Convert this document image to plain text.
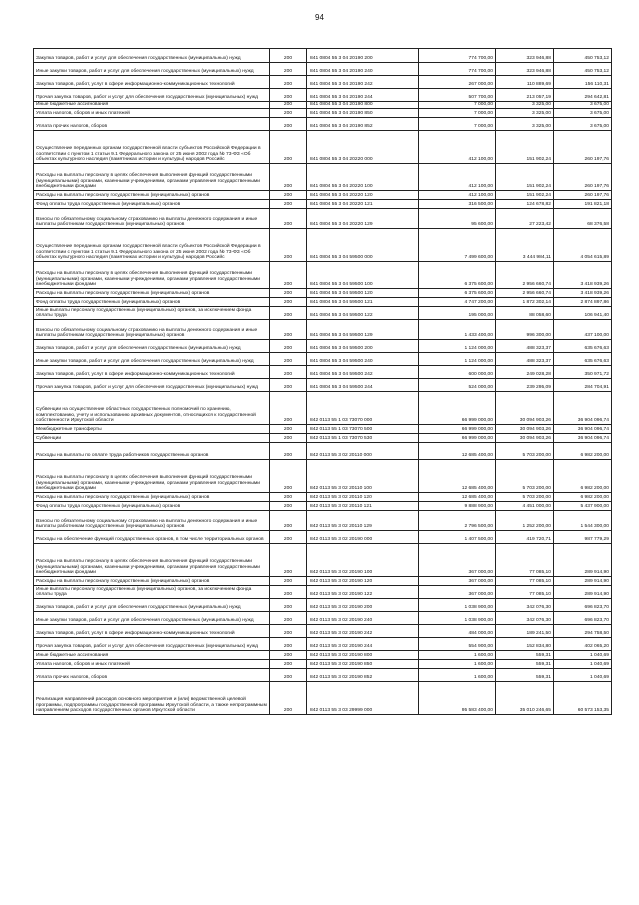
94
Закупка товаров, работ и услуг для обеспечения государственных (муниципальных) нужд	200	841 0804 55 3 04 20190 200	774 700,00	323 946,88	450 753,12
Иные закупки товаров, работ и услуг для обеспечения государственных (муниципальных) нужд	200	841 0804 55 3 04 20190 240	774 700,00	323 946,88	450 753,12
Закупка товаров, работ, услуг в сфере информационно-коммуникационных технологий	200	841 0804 55 3 04 20190 242	267 000,00	110 889,69	156 110,31
Прочая закупка товаров, работ и услуг для обеспечения государственных (муниципальных) нужд	200	841 0804 55 3 04 20190 244	507 700,00	213 057,19	294 642,81
Иные бюджетные ассигнования	200	841 0804 55 3 04 20190 800	7 000,00	3 325,00	3 675,00
Уплата налогов, сборов и иных платежей	200	841 0804 55 3 04 20190 850	7 000,00	3 325,00	3 675,00
Уплата прочих налогов, сборов	200	841 0804 55 3 04 20190 852	7 000,00	3 325,00	3 675,00
Осуществление переданных органам государственной власти субъектов Российской Федерации в соответствии с пунктом 1 статьи 9.1 Федерального закона от 25 июня 2002 года № 73-ФЗ «Об объектах культурного наследия (памятниках истории и культуры) народов Российс	200	841 0804 55 3 04 20220 000	412 100,00	151 902,24	260 197,76
Расходы на выплаты персоналу в целях обеспечения выполнения функций государственными (муниципальными) органами, казенными учреждениями, органами управления государственными внебюджетными фондами	200	841 0804 55 3 04 20220 100	412 100,00	151 902,24	260 197,76
Расходы на выплаты персоналу государственных (муниципальных) органов	200	841 0804 55 3 04 20220 120	412 100,00	151 902,24	260 197,76
Фонд оплаты труда государственных (муниципальных) органов	200	841 0804 55 3 04 20220 121	316 500,00	124 678,82	191 821,18
Взносы по обязательному социальному страхованию на выплаты денежного содержания и иные выплаты работникам государственных (муниципальных) органов	200	841 0804 55 3 04 20220 129	95 600,00	27 223,42	68 376,58
Осуществление переданных органам государственной власти субъектов Российской Федерации в соответствии с пунктом 1 статьи 9.1 Федерального закона от 25 июня 2002 года № 73-ФЗ «Об объектах культурного наследия (памятниках истории и культуры) народов Российс	200	841 0804 55 3 04 59500 000	7 499 600,00	3 444 984,11	4 054 615,89
Расходы на выплаты персоналу в целях обеспечения выполнения функций государственными (муниципальными) органами, казенными учреждениями, органами управления государственными внебюджетными фондами	200	841 0804 55 3 04 59500 100	6 375 600,00	2 956 660,74	3 418 939,26
Расходы на выплаты персоналу государственных (муниципальных) органов	200	841 0804 55 3 04 59500 120	6 375 600,00	2 956 660,74	3 418 939,26
Фонд оплаты труда государственных (муниципальных) органов	200	841 0804 55 3 04 59500 121	4 747 200,00	1 872 302,14	2 874 897,86
Иные выплаты персоналу государственных (муниципальных) органов, за исключением фонда оплаты труда	200	841 0804 55 3 04 59500 122	195 000,00	88 058,60	106 941,40
Взносы по обязательному социальному страхованию на выплаты денежного содержания и иные выплаты работникам государственных (муниципальных) органов	200	841 0804 55 3 04 59500 129	1 433 400,00	996 300,00	437 100,00
Закупка товаров, работ и услуг для обеспечения государственных (муниципальных) нужд	200	841 0804 55 3 04 59500 200	1 124 000,00	488 323,37	635 676,63
Иные закупки товаров, работ и услуг для обеспечения государственных (муниципальных) нужд	200	841 0804 55 3 04 59500 240	1 124 000,00	488 323,37	635 676,63
Закупка товаров, работ, услуг в сфере информационно-коммуникационных технологий	200	841 0804 55 3 04 59500 242	600 000,00	249 028,28	350 971,72
Прочая закупка товаров, работ и услуг для обеспечения государственных (муниципальных) нужд	200	841 0804 55 3 04 59500 244	524 000,00	239 295,09	284 704,91
Субвенции на осуществление областных государственных полномочий по хранению, комплектованию, учету и использованию архивных документов, относящихся к государственной собственности Иркутской области	200	842 0113 55 1 03 73070 000	66 999 000,00	30 094 903,26	36 904 096,74
Межбюджетные трансферты	200	842 0113 55 1 03 73070 500	66 999 000,00	30 094 903,26	36 904 096,74
Субвенции	200	842 0113 55 1 03 73070 530	66 999 000,00	30 094 903,26	36 904 096,74
Расходы на выплаты по оплате труда работников государственных органов	200	842 0113 55 3 02 20110 000	12 685 400,00	5 703 200,00	6 982 200,00
Расходы на выплаты персоналу в целях обеспечения выполнения функций государственными (муниципальными) органами, казенными учреждениями, органами управления государственными внебюджетными фондами	200	842 0113 55 3 02 20110 100	12 685 400,00	5 703 200,00	6 982 200,00
Расходы на выплаты персоналу государственных (муниципальных) органов	200	842 0113 55 3 02 20110 120	12 685 400,00	5 703 200,00	6 982 200,00
Фонд оплаты труда государственных (муниципальных) органов	200	842 0113 55 3 02 20110 121	9 888 900,00	4 451 000,00	5 437 900,00
Взносы по обязательному социальному страхованию на выплаты денежного содержания и иные выплаты работникам государственных (муниципальных) органов	200	842 0113 55 3 02 20110 129	2 796 500,00	1 252 200,00	1 544 300,00
Расходы на обеспечение функций государственных органов, в том числе территориальных органов	200	842 0113 55 3 02 20190 000	1 407 500,00	419 720,71	987 779,29
Расходы на выплаты персоналу в целях обеспечения выполнения функций государственными (муниципальными) органами, казенными учреждениями, органами управления государственными внебюджетными фондами	200	842 0113 55 3 02 20190 100	367 000,00	77 085,10	289 914,90
Расходы на выплаты персоналу государственных (муниципальных) органов	200	842 0113 55 3 02 20190 120	367 000,00	77 085,10	289 914,90
Иные выплаты персоналу государственных (муниципальных) органов, за исключением фонда оплаты труда	200	842 0113 55 3 02 20190 122	367 000,00	77 085,10	289 914,90
Закупка товаров, работ и услуг для обеспечения государственных (муниципальных) нужд	200	842 0113 55 3 02 20190 200	1 038 900,00	342 076,30	696 823,70
Иные закупки товаров, работ и услуг для обеспечения государственных (муниципальных) нужд	200	842 0113 55 3 02 20190 240	1 038 900,00	342 076,30	696 823,70
Закупка товаров, работ, услуг в сфере информационно-коммуникационных технологий	200	842 0113 55 3 02 20190 242	484 000,00	189 241,50	294 758,50
Прочая закупка товаров, работ и услуг для обеспечения государственных (муниципальных) нужд	200	842 0113 55 3 02 20190 244	554 900,00	152 834,80	402 065,20
Иные бюджетные ассигнования	200	842 0113 55 3 02 20190 800	1 600,00	559,31	1 040,69
Уплата налогов, сборов и иных платежей	200	842 0113 55 3 02 20190 850	1 600,00	559,31	1 040,69
Уплата прочих налогов, сборов	200	842 0113 55 3 02 20190 852	1 600,00	559,31	1 040,69
Реализация направлений расходов основного мероприятия и (или) ведомственной целевой программы, подпрограммы государственной программы Иркутской области, а также непрограммным направлениям расходов государственных органов Иркутской области	200	842 0113 55 3 03 29999 000	95 583 400,00	35 010 246,65	60 573 153,35
